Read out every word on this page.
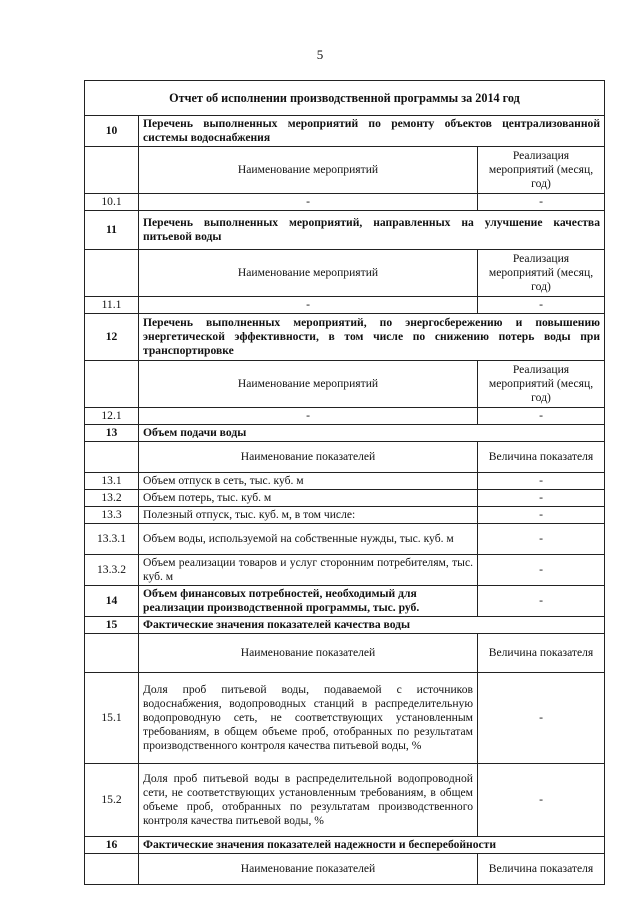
5
Отчет об исполнении производственной программы за 2014 год		
10	Перечень выполненных мероприятий по ремонту объектов централизованной системы водоснабжения	
	Наименование мероприятий	Реализация мероприятий (месяц, год)
10.1	-	-
11	Перечень выполненных мероприятий, направленных на улучшение качества питьевой воды	
	Наименование мероприятий	Реализация мероприятий (месяц, год)
11.1	-	-
12	Перечень выполненных мероприятий, по энергосбережению и повышению энергетической эффективности, в том числе по снижению потерь воды при транспортировке	
	Наименование мероприятий	Реализация мероприятий (месяц, год)
12.1	-	-
13	Объем подачи воды	
	Наименование показателей	Величина показателя
13.1	Объем отпуск в сеть, тыс. куб. м	-
13.2	Объем потерь, тыс. куб. м	-
13.3	Полезный отпуск, тыс. куб. м, в том числе:	-
13.3.1	Объем воды, используемой на собственные нужды, тыс. куб. м	-
13.3.2	Объем реализации товаров и услуг сторонним потребителям, тыс. куб. м	-
14	Объем финансовых потребностей, необходимый для реализации производственной программы, тыс. руб.	-
15	Фактические значения показателей качества воды	
	Наименование показателей	Величина показателя
15.1	Доля проб питьевой воды, подаваемой с источников водоснабжения, водопроводных станций в распределительную водопроводную сеть, не соответствующих установленным требованиям, в общем объеме проб, отобранных по результатам производственного контроля качества питьевой воды, %	-
15.2	Доля проб питьевой воды в распределительной водопроводной сети, не соответствующих установленным требованиям, в общем объеме проб, отобранных по результатам производственного контроля качества питьевой воды, %	-
16	Фактические значения показателей надежности и бесперебойности	
	Наименование показателей	Величина показателя
